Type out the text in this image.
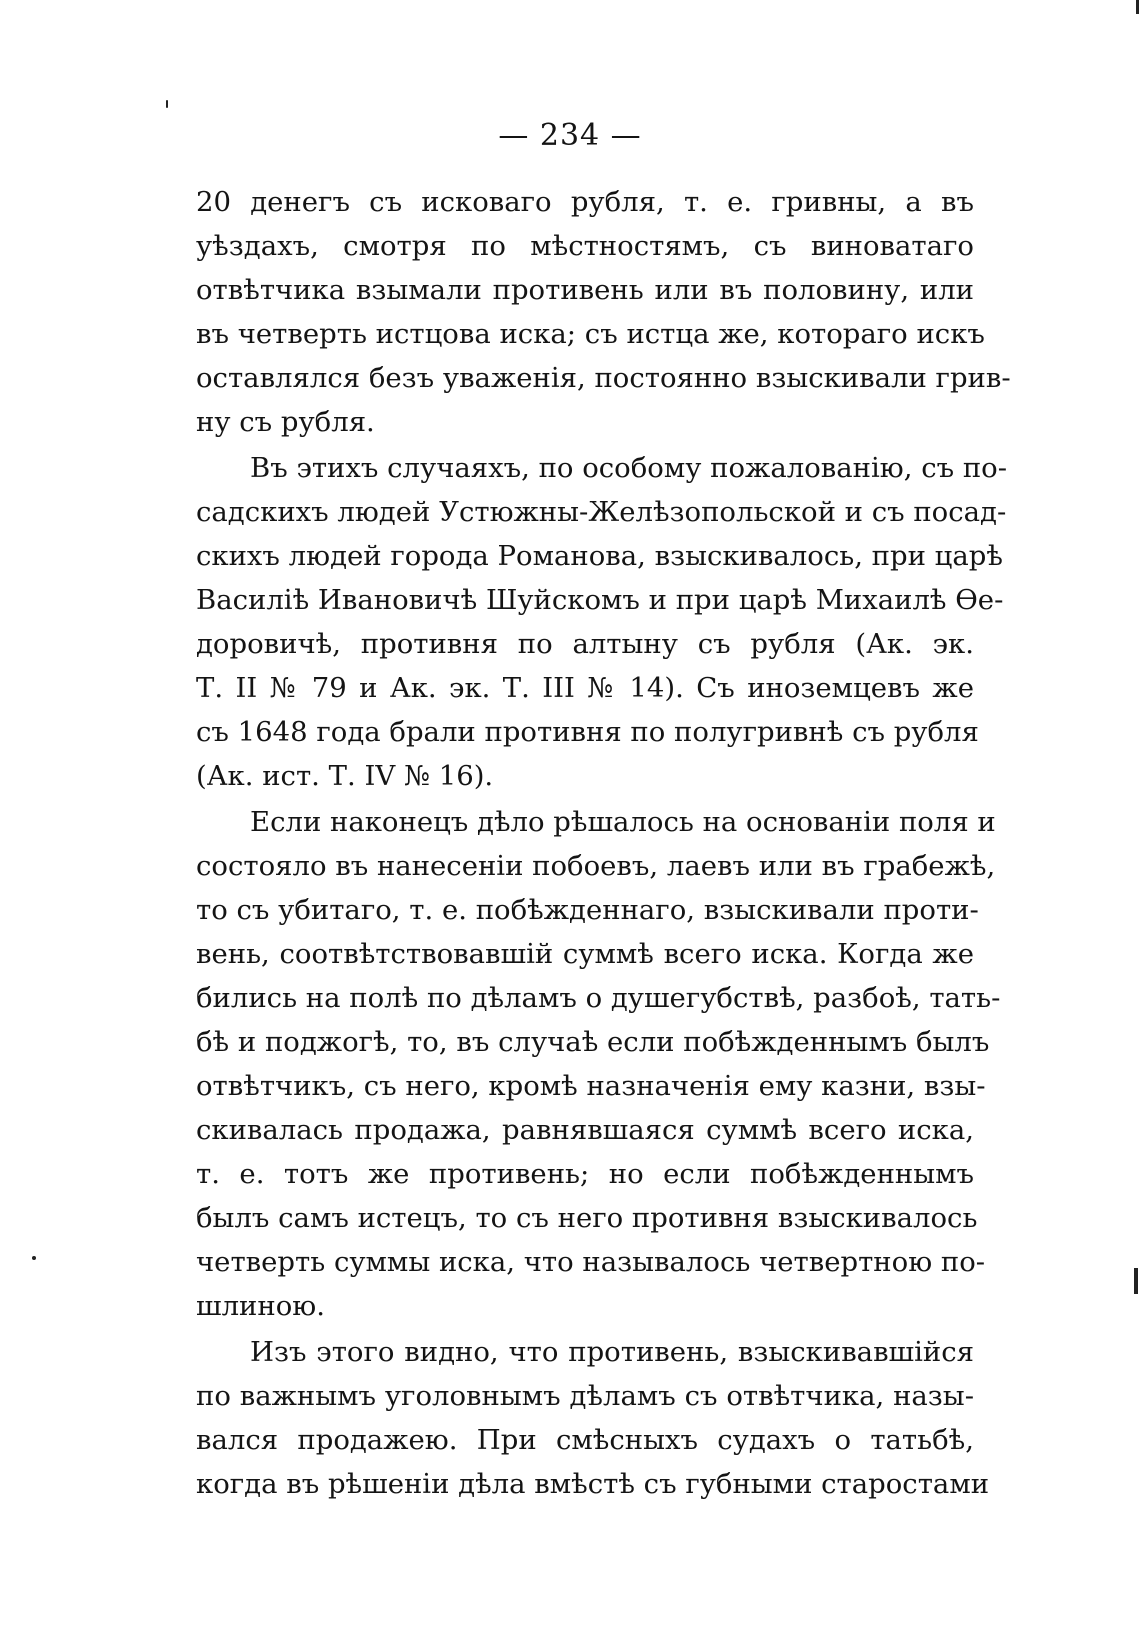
— 234 —
20 денегъ съ исковаго рубля, т. е. гривны, а въ
уѣздахъ, смотря по мѣстностямъ, съ виноватаго
отвѣтчика взымали противень или въ половину, или
въ четверть истцова иска; съ истца же, котораго искъ
оставлялся безъ уваженія, постоянно взыскивали грив-
ну съ рубля.
Въ этихъ случаяхъ, по особому пожалованію, съ по-
садскихъ людей Устюжны-Желѣзопольской и съ посад-
скихъ людей города Романова, взыскивалось, при царѣ
Василіѣ Ивановичѣ Шуйскомъ и при царѣ Михаилѣ Ѳе-
доровичѣ, противня по алтыну съ рубля (Ак. эк.
Т. II № 79 и Ак. эк. Т. III № 14). Съ иноземцевъ же
съ 1648 года брали противня по полугривнѣ съ рубля
(Ак. ист. Т. IV № 16).
Если наконецъ дѣло рѣшалось на основаніи поля и
состояло въ нанесеніи побоевъ, лаевъ или въ грабежѣ,
то съ убитаго, т. е. побѣжденнаго, взыскивали проти-
вень, соотвѣтствовавшій суммѣ всего иска. Когда же
бились на полѣ по дѣламъ о душегубствѣ, разбоѣ, тать-
бѣ и поджогѣ, то, въ случаѣ если побѣжденнымъ былъ
отвѣтчикъ, съ него, кромѣ назначенія ему казни, взы-
скивалась продажа, равнявшаяся суммѣ всего иска,
т. е. тотъ же противень; но если побѣжденнымъ
былъ самъ истецъ, то съ него противня взыскивалось
четверть суммы иска, что называлось четвертною по-
шлиною.
Изъ этого видно, что противень, взыскивавшійся
по важнымъ уголовнымъ дѣламъ съ отвѣтчика, назы-
вался продажею. При смѣсныхъ судахъ о татьбѣ,
когда въ рѣшеніи дѣла вмѣстѣ съ губными старостами
